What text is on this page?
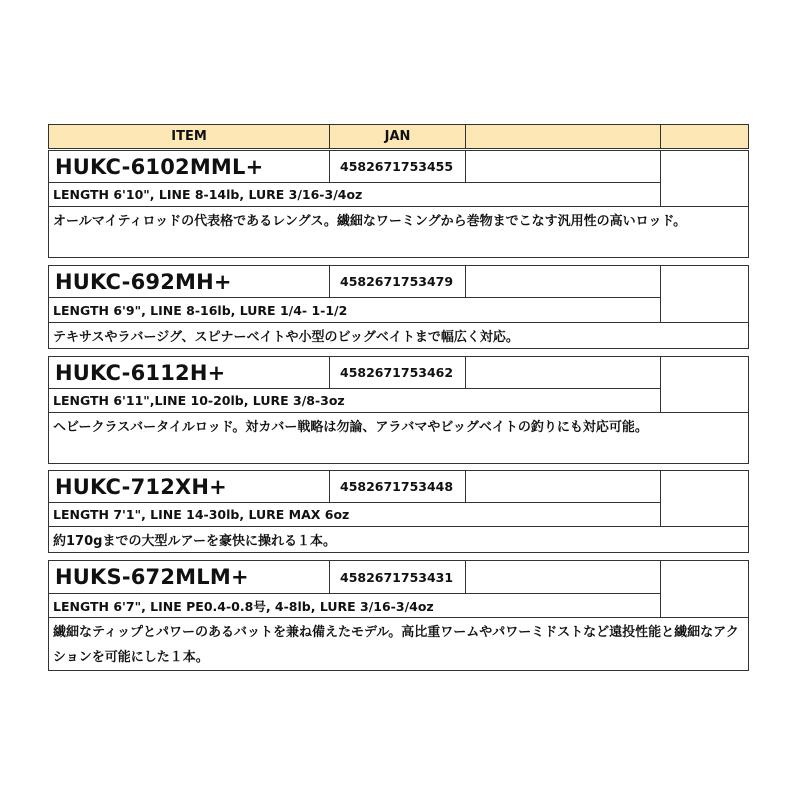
ITEM	JAN
HUKC-6102MML+	4582671753455
LENGTH 6'10", LINE 8-14lb, LURE 3/16-3/4oz
オールマイティロッドの代表格であるレングス。繊細なワーミングから巻物までこなす汎用性の高いロッド。
HUKC-692MH+	4582671753479
LENGTH 6'9", LINE 8-16lb, LURE 1/4- 1-1/2
テキサスやラバージグ、スピナーベイトや小型のビッグベイトまで幅広く対応。
HUKC-6112H+	4582671753462
LENGTH 6'11",LINE 10-20lb, LURE 3/8-3oz
ヘビークラスバータイルロッド。対カバー戦略は勿論、アラバマやビッグベイトの釣りにも対応可能。
HUKC-712XH+	4582671753448
LENGTH 7'1", LINE 14-30lb, LURE MAX 6oz
約170gまでの大型ルアーを豪快に操れる１本。
HUKS-672MLM+	4582671753431
LENGTH 6'7", LINE PE0.4-0.8号, 4-8lb, LURE 3/16-3/4oz
繊細なティップとパワーのあるバットを兼ね備えたモデル。高比重ワームやパワーミドストなど遠投性能と繊細なアクションを可能にした１本。
